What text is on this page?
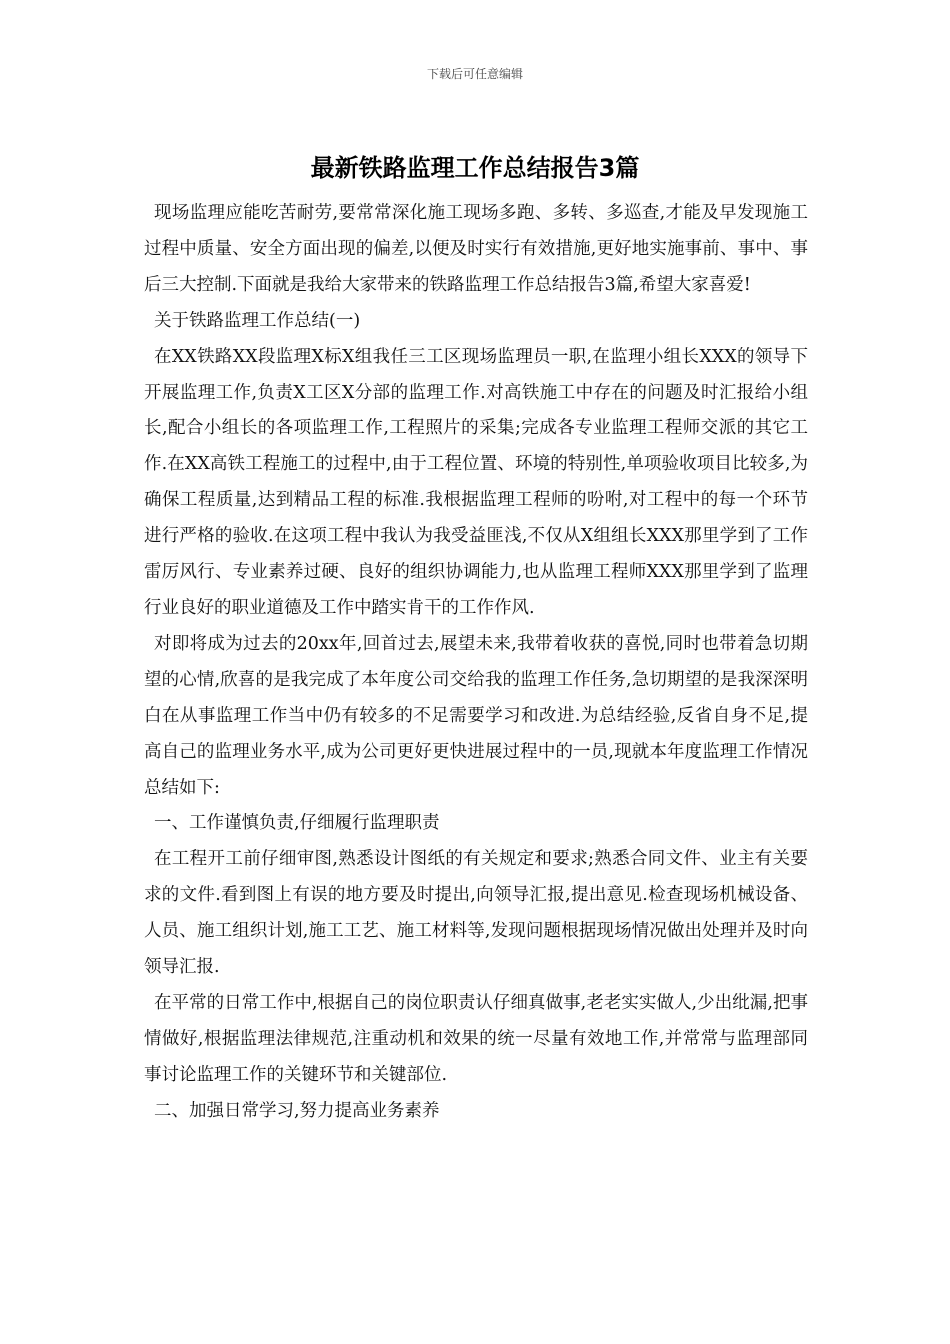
下载后可任意编辑
最新铁路监理工作总结报告3篇

现场监理应能吃苦耐劳,要常常深化施工现场多跑、多转、多巡查,才能及早发现施工过程中质量、安全方面出现的偏差,以便及时实行有效措施,更好地实施事前、事中、事后三大控制.下面就是我给大家带来的铁路监理工作总结报告3篇,希望大家喜爱!

关于铁路监理工作总结(一)

在XX铁路XX段监理X标X组我任三工区现场监理员一职,在监理小组长XXX的领导下开展监理工作,负责X工区X分部的监理工作.对高铁施工中存在的问题及时汇报给小组长,配合小组长的各项监理工作,工程照片的采集;完成各专业监理工程师交派的其它工作.在XX高铁工程施工的过程中,由于工程位置、环境的特别性,单项验收项目比较多,为确保工程质量,达到精品工程的标准.我根据监理工程师的吩咐,对工程中的每一个环节进行严格的验收.在这项工程中我认为我受益匪浅,不仅从X组组长XXX那里学到了工作雷厉风行、专业素养过硬、良好的组织协调能力,也从监理工程师XXX那里学到了监理行业良好的职业道德及工作中踏实肯干的工作作风.

对即将成为过去的20xx年,回首过去,展望未来,我带着收获的喜悦,同时也带着急切期望的心情,欣喜的是我完成了本年度公司交给我的监理工作任务,急切期望的是我深深明白在从事监理工作当中仍有较多的不足需要学习和改进.为总结经验,反省自身不足,提高自己的监理业务水平,成为公司更好更快进展过程中的一员,现就本年度监理工作情况总结如下:

一、工作谨慎负责,仔细履行监理职责

在工程开工前仔细审图,熟悉设计图纸的有关规定和要求;熟悉合同文件、业主有关要求的文件.看到图上有误的地方要及时提出,向领导汇报,提出意见.检查现场机械设备、人员、施工组织计划,施工工艺、施工材料等,发现问题根据现场情况做出处理并及时向领导汇报.

在平常的日常工作中,根据自己的岗位职责认仔细真做事,老老实实做人,少出纰漏,把事情做好,根据监理法律规范,注重动机和效果的统一尽量有效地工作,并常常与监理部同事讨论监理工作的关键环节和关键部位.

二、加强日常学习,努力提高业务素养
